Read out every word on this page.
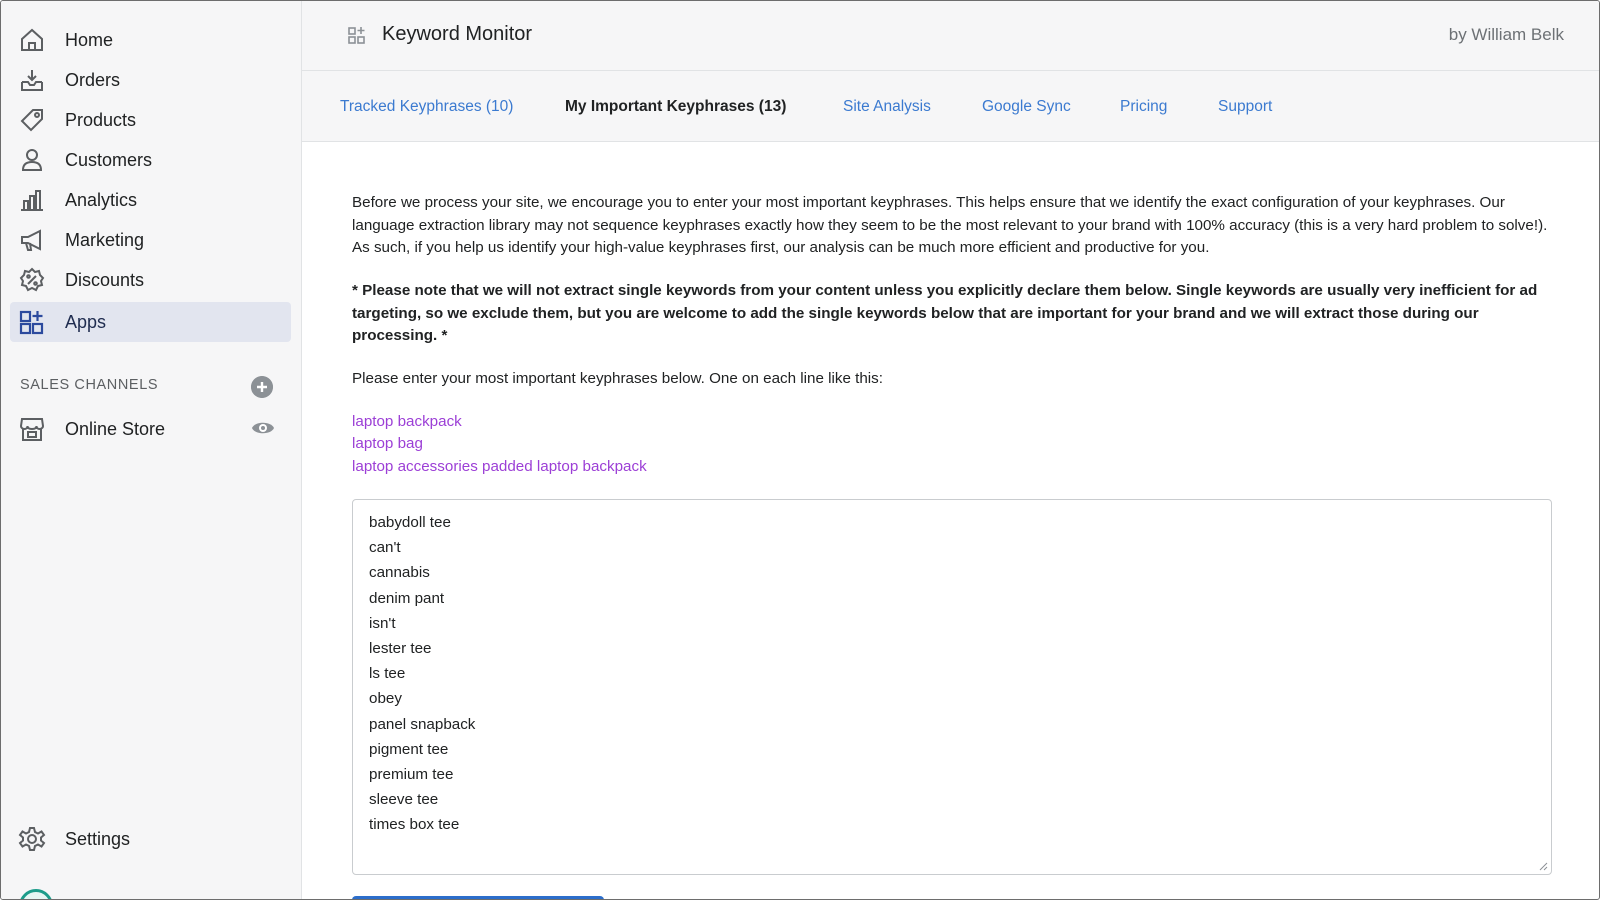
Home
Orders
Products
Customers
Analytics
Marketing
Discounts
Apps
SALES CHANNELS
Online Store
Settings
Keyword Monitor	by William Belk
Tracked Keyphrases (10)	My Important Keyphrases (13)	Site Analysis	Google Sync	Pricing	Support

Before we process your site, we encourage you to enter your most important keyphrases. This helps ensure that we identify the exact configuration of your keyphrases. Our language extraction library may not sequence keyphrases exactly how they seem to be the most relevant to your brand with 100% accuracy (this is a very hard problem to solve!). As such, if you help us identify your high-value keyphrases first, our analysis can be much more efficient and productive for you.

* Please note that we will not extract single keywords from your content unless you explicitly declare them below. Single keywords are usually very inefficient for ad targeting, so we exclude them, but you are welcome to add the single keywords below that are important for your brand and we will extract those during our processing. *

Please enter your most important keyphrases below. One on each line like this:

laptop backpack
laptop bag
laptop accessories padded laptop backpack
babydoll tee
can't
cannabis
denim pant
isn't
lester tee
ls tee
obey
panel snapback
pigment tee
premium tee
sleeve tee
times box tee
